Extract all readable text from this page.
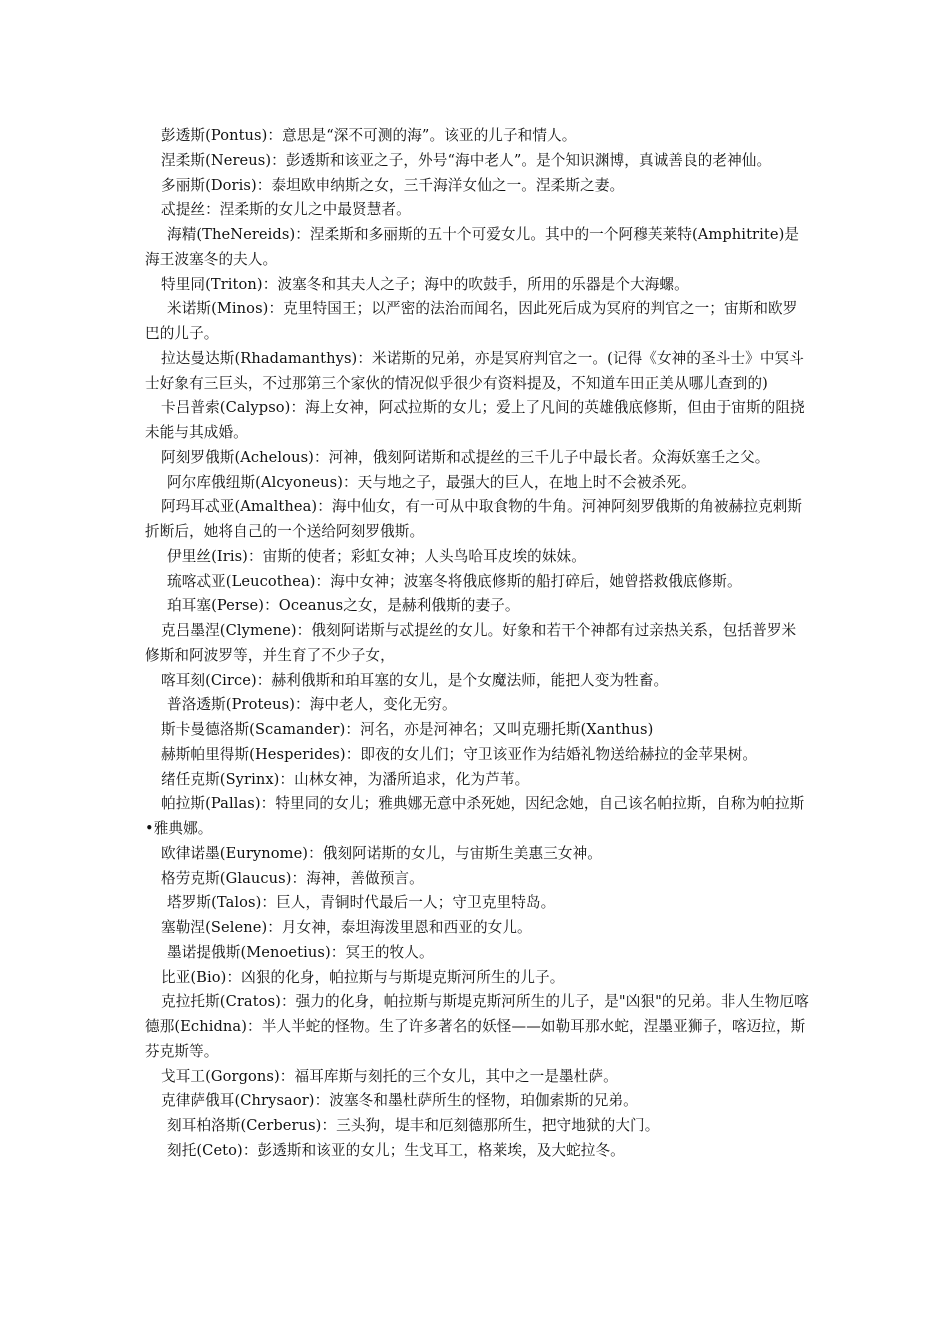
彭透斯(Pontus)：意思是“深不可测的海”。该亚的儿子和情人。

涅柔斯(Nereus)：彭透斯和该亚之子，外号“海中老人”。是个知识渊博，真诚善良的老神仙。

多丽斯(Doris)：泰坦欧申纳斯之女，三千海洋女仙之一。涅柔斯之妻。

忒提丝：涅柔斯的女儿之中最贤慧者。

海精(TheNereids)：涅柔斯和多丽斯的五十个可爱女儿。其中的一个阿穆芙莱特(Amphitrite)是海王波塞冬的夫人。

特里同(Triton)：波塞冬和其夫人之子；海中的吹鼓手，所用的乐器是个大海螺。

米诺斯(Minos)：克里特国王；以严密的法治而闻名，因此死后成为冥府的判官之一；宙斯和欧罗巴的儿子。

拉达曼达斯(Rhadamanthys)：米诺斯的兄弟，亦是冥府判官之一。(记得《女神的圣斗士》中冥斗士好象有三巨头，不过那第三个家伙的情况似乎很少有资料提及，不知道车田正美从哪儿查到的)

卡吕普索(Calypso)：海上女神，阿忒拉斯的女儿；爱上了凡间的英雄俄底修斯，但由于宙斯的阻挠未能与其成婚。

阿刻罗俄斯(Achelous)：河神，俄刻阿诺斯和忒提丝的三千儿子中最长者。众海妖塞壬之父。

阿尔库俄纽斯(Alcyoneus)：天与地之子，最强大的巨人，在地上时不会被杀死。

阿玛耳忒亚(Amalthea)：海中仙女，有一可从中取食物的牛角。河神阿刻罗俄斯的角被赫拉克剌斯折断后，她将自己的一个送给阿刻罗俄斯。

伊里丝(Iris)：宙斯的使者；彩虹女神；人头鸟哈耳皮埃的妹妹。

琉喀忒亚(Leucothea)：海中女神；波塞冬将俄底修斯的船打碎后，她曾搭救俄底修斯。

珀耳塞(Perse)：Oceanus之女，是赫利俄斯的妻子。

克吕墨涅(Clymene)：俄刻阿诺斯与忒提丝的女儿。好象和若干个神都有过亲热关系，包括普罗米修斯和阿波罗等，并生育了不少子女，

喀耳刻(Circe)：赫利俄斯和珀耳塞的女儿，是个女魔法师，能把人变为牲畜。

普洛透斯(Proteus)：海中老人，变化无穷。

斯卡曼德洛斯(Scamander)：河名，亦是河神名；又叫克珊托斯(Xanthus)

赫斯帕里得斯(Hesperides)：即夜的女儿们；守卫该亚作为结婚礼物送给赫拉的金苹果树。

绪任克斯(Syrinx)：山林女神，为潘所追求，化为芦苇。

帕拉斯(Pallas)：特里同的女儿；雅典娜无意中杀死她，因纪念她，自己该名帕拉斯，自称为帕拉斯•雅典娜。

欧律诺墨(Eurynome)：俄刻阿诺斯的女儿，与宙斯生美惠三女神。

格劳克斯(Glaucus)：海神，善做预言。

塔罗斯(Talos)：巨人，青铜时代最后一人；守卫克里特岛。

塞勒涅(Selene)：月女神，泰坦海泼里恩和西亚的女儿。

墨诺提俄斯(Menoetius)：冥王的牧人。

比亚(Bio)：凶狠的化身，帕拉斯与与斯堤克斯河所生的儿子。

克拉托斯(Cratos)：强力的化身，帕拉斯与斯堤克斯河所生的儿子，是"凶狠"的兄弟。非人生物厄喀德那(Echidna)：半人半蛇的怪物。生了许多著名的妖怪——如勒耳那水蛇，涅墨亚狮子，喀迈拉，斯芬克斯等。

戈耳工(Gorgons)：福耳库斯与刻托的三个女儿，其中之一是墨杜萨。

克律萨俄耳(Chrysaor)：波塞冬和墨杜萨所生的怪物，珀伽索斯的兄弟。

刻耳柏洛斯(Cerberus)：三头狗，堤丰和厄刻德那所生，把守地狱的大门。

刻托(Ceto)：彭透斯和该亚的女儿；生戈耳工，格莱埃，及大蛇拉冬。
